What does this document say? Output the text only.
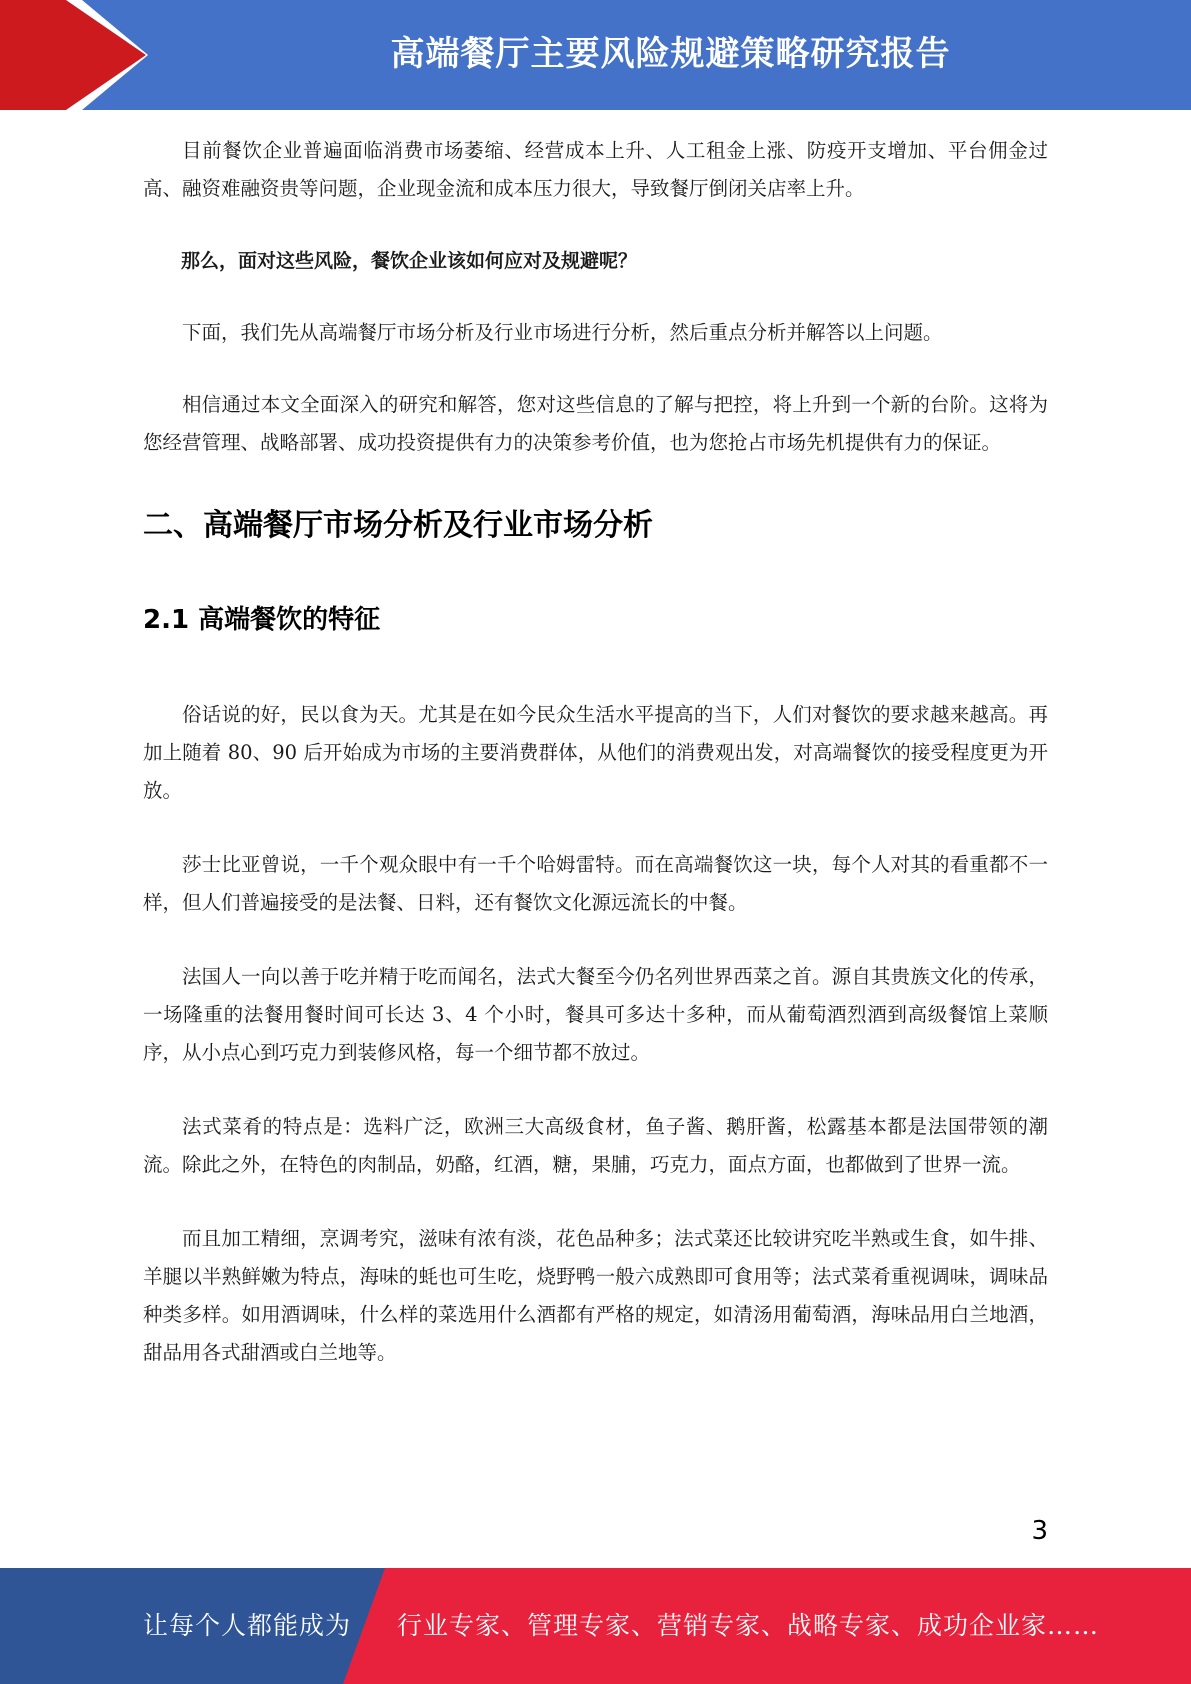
高端餐厅主要风险规避策略研究报告

目前餐饮企业普遍面临消费市场萎缩、经营成本上升、人工租金上涨、防疫开支增加、平台佣金过高、融资难融资贵等问题，企业现金流和成本压力很大，导致餐厅倒闭关店率上升。

那么，面对这些风险，餐饮企业该如何应对及规避呢？

下面，我们先从高端餐厅市场分析及行业市场进行分析，然后重点分析并解答以上问题。

相信通过本文全面深入的研究和解答，您对这些信息的了解与把控，将上升到一个新的台阶。这将为您经营管理、战略部署、成功投资提供有力的决策参考价值，也为您抢占市场先机提供有力的保证。

二、高端餐厅市场分析及行业市场分析
2.1 高端餐饮的特征

俗话说的好，民以食为天。尤其是在如今民众生活水平提高的当下，人们对餐饮的要求越来越高。再加上随着 80、90 后开始成为市场的主要消费群体，从他们的消费观出发，对高端餐饮的接受程度更为开放。

莎士比亚曾说，一千个观众眼中有一千个哈姆雷特。而在高端餐饮这一块，每个人对其的看重都不一样，但人们普遍接受的是法餐、日料，还有餐饮文化源远流长的中餐。

法国人一向以善于吃并精于吃而闻名，法式大餐至今仍名列世界西菜之首。源自其贵族文化的传承，一场隆重的法餐用餐时间可长达 3、4 个小时，餐具可多达十多种，而从葡萄酒烈酒到高级餐馆上菜顺序，从小点心到巧克力到装修风格，每一个细节都不放过。

法式菜肴的特点是：选料广泛，欧洲三大高级食材，鱼子酱、鹅肝酱，松露基本都是法国带领的潮流。除此之外，在特色的肉制品，奶酪，红酒，糖，果脯，巧克力，面点方面，也都做到了世界一流。

而且加工精细，烹调考究，滋味有浓有淡，花色品种多；法式菜还比较讲究吃半熟或生食，如牛排、羊腿以半熟鲜嫩为特点，海味的蚝也可生吃，烧野鸭一般六成熟即可食用等；法式菜肴重视调味，调味品种类多样。如用酒调味，什么样的菜选用什么酒都有严格的规定，如清汤用葡萄酒，海味品用白兰地酒，甜品用各式甜酒或白兰地等。

3
让每个人都能成为 行业专家、管理专家、营销专家、战略专家、成功企业家……
